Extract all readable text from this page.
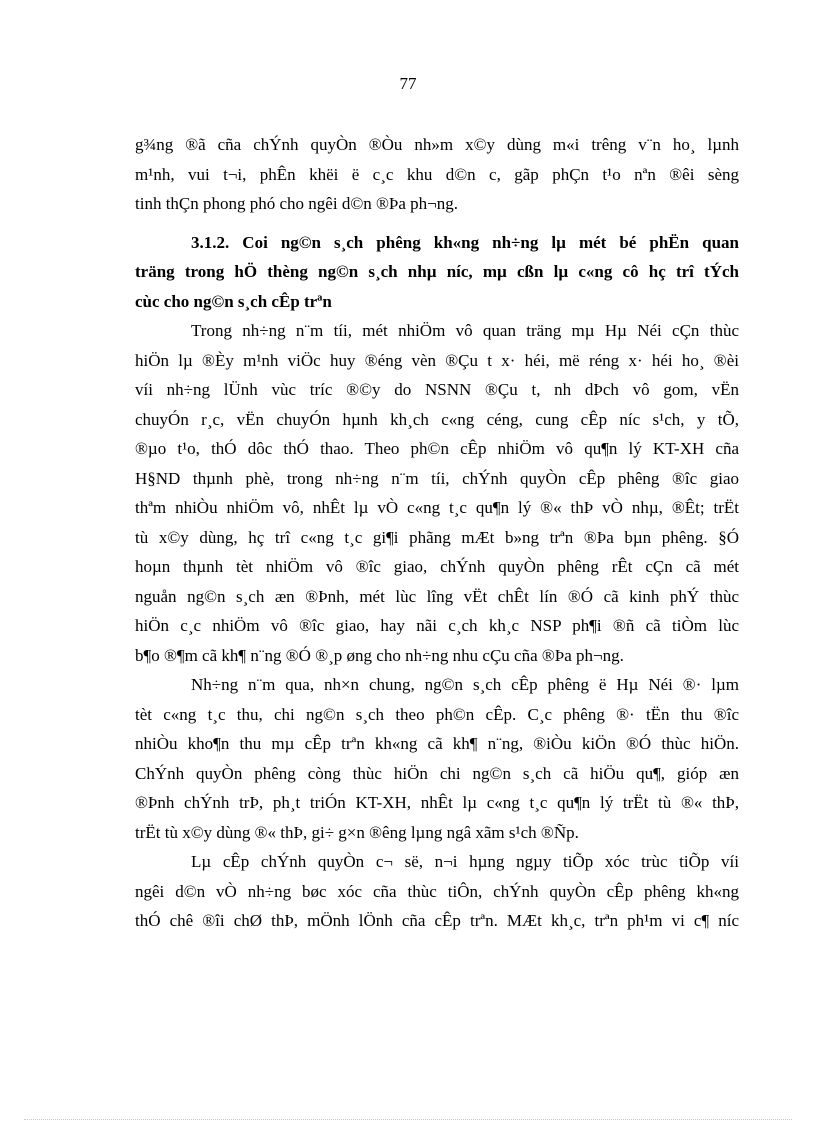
77
g¾ng ®ã cña chÝnh quyÒn ®Òu nh»m x©y dùng m«i trêng v¨n ho¸ lµnh
m¹nh, vui t¬i, phÊn khëi ë c¸c khu d©n c, gãp phÇn t¹o nªn ®êi sèng
tinh thÇn phong phó cho ngêi d©n ®Þa ph¬ng.
3.1.2. Coi ng©n s¸ch phêng kh«ng nh÷ng lµ mét bé phËn quan
träng trong hÖ thèng ng©n s¸ch nhµ níc, mµ cßn lµ c«ng cô hç trî tÝch
cùc cho ng©n s¸ch cÊp trªn
Trong nh÷ng n¨m tíi, mét nhiÖm vô quan träng mµ Hµ Néi cÇn thùc
hiÖn lµ ®Èy m¹nh viÖc huy ®éng vèn ®Çu t x· héi, më réng x· héi ho¸ ®èi
víi nh÷ng lÜnh vùc tríc ®©y do NSNN ®Çu t, nh dÞch vô gom, vËn
chuyÓn r¸c, vËn chuyÓn hµnh kh¸ch c«ng céng, cung cÊp níc s¹ch, y tÕ,
®µo t¹o, thÓ dôc thÓ thao. Theo ph©n cÊp nhiÖm vô qu¶n lý KT-XH cña
H§ND thµnh phè, trong nh÷ng n¨m tíi, chÝnh quyÒn cÊp phêng ®îc giao
thªm nhiÒu nhiÖm vô, nhÊt lµ vÒ c«ng t¸c qu¶n lý ®« thÞ vÒ nhµ, ®Êt; trËt
tù x©y dùng, hç trî c«ng t¸c gi¶i phãng mÆt b»ng trªn ®Þa bµn phêng. §Ó
hoµn thµnh tèt nhiÖm vô ®îc giao, chÝnh quyÒn phêng rÊt cÇn cã mét
nguån ng©n s¸ch æn ®Þnh, mét lùc lîng vËt chÊt lín ®Ó cã kinh phÝ thùc
hiÖn c¸c nhiÖm vô ®îc giao, hay nãi c¸ch kh¸c NSP ph¶i ®ñ cã tiÒm lùc
b¶o ®¶m cã kh¶ n¨ng ®Ó ®¸p øng cho nh÷ng nhu cÇu cña ®Þa ph¬ng.
Nh÷ng n¨m qua, nh×n chung, ng©n s¸ch cÊp phêng ë Hµ Néi ®· lµm
tèt c«ng t¸c thu, chi ng©n s¸ch theo ph©n cÊp. C¸c phêng ®· tËn thu ®îc
nhiÒu kho¶n thu mµ cÊp trªn kh«ng cã kh¶ n¨ng, ®iÒu kiÖn ®Ó thùc hiÖn.
ChÝnh quyÒn phêng còng thùc hiÖn chi ng©n s¸ch cã hiÖu qu¶, gióp æn
®Þnh chÝnh trÞ, ph¸t triÓn KT-XH, nhÊt lµ c«ng t¸c qu¶n lý trËt tù ®« thÞ,
trËt tù x©y dùng ®« thÞ, gi÷ g×n ®êng lµng ngâ xãm s¹ch ®Ñp.
Lµ cÊp chÝnh quyÒn c¬ së, n¬i hµng ngµy tiÕp xóc trùc tiÕp víi
ngêi d©n vÒ nh÷ng bøc xóc cña thùc tiÔn, chÝnh quyÒn cÊp phêng kh«ng
thÓ chê ®îi chØ thÞ, mÖnh lÖnh cña cÊp trªn. MÆt kh¸c, trªn ph¹m vi c¶ níc
